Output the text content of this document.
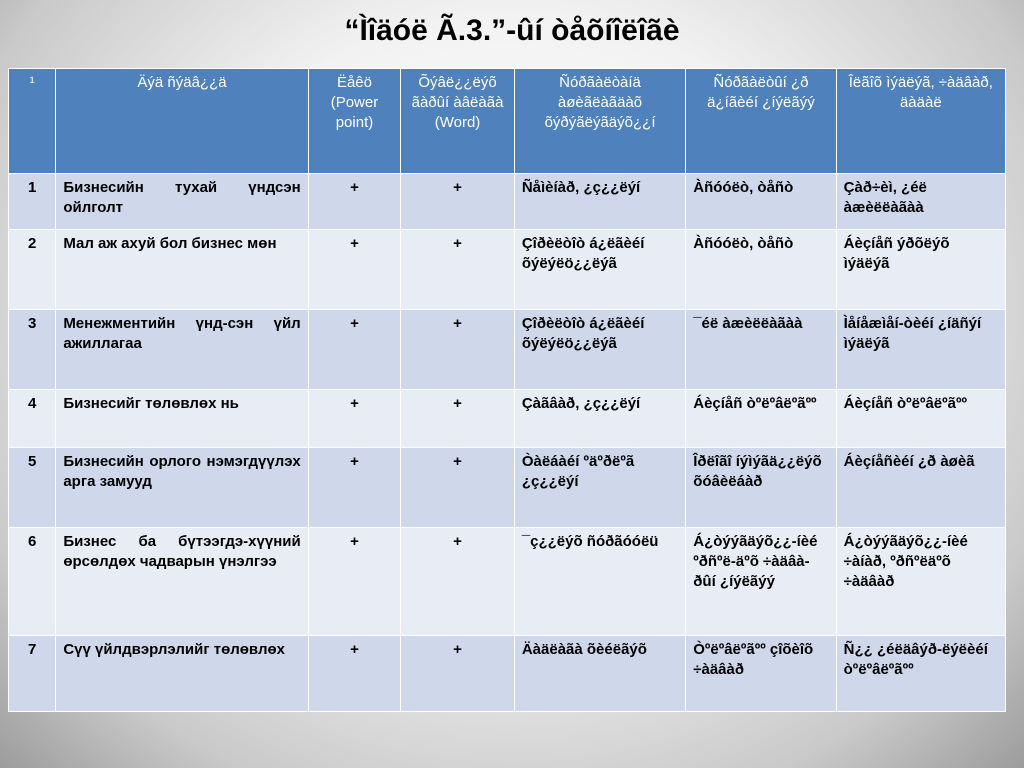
“Ìîäóë Ã.3.”-ûí òåõíîëîãè
¹	Äýä ñýäâ¿¿ä	Ëåêö (Power point)	Õýâë¿¿ëýõ ãàðûí àâëàãà (Word)	Ñóðãàëòàíä àøèãëàãäàõ õýðýãëýãäýõ¿¿í	Ñóðãàëòûí ¿ð ä¿íãèéí ¿íýëãýý	Îëãîõ ìýäëýã, ÷àäâàð, äàäàë
1	Бизнесийн тухай үндсэн ойлголт	+	+	Ñåìèíàð, ¿ç¿¿ëýí	Àñóóëò, òåñò	Çàð÷èì, ¿éë àæèëëàãàà
2	Мал аж ахуй бол бизнес мөн	+	+	Çîðèëòîò á¿ëãèéí õýëýëö¿¿ëýã	Àñóóëò, òåñò	Áèçíåñ ýðõëýõ ìýäëýã
3	Менежментийн үнд-сэн үйл ажиллагаа	+	+	Çîðèëòîò á¿ëãèéí õýëýëö¿¿ëýã	¯éë àæèëëàãàà	Ìåíåæìåí-òèéí ¿íäñýí ìýäëýã
4	Бизнесийг төлөвлөх нь	+	+	Çàãâàð, ¿ç¿¿ëýí	Áèçíåñ òºëºâëºãºº	Áèçíåñ òºëºâëºãºº
5	Бизнесийн орлого нэмэгдүүлэх арга замууд	+	+	Òàëáàéí ºäºðëºã ¿ç¿¿ëýí	Îðëîãî íýìýãä¿¿ëýõ õóâèëáàð	Áèçíåñèéí ¿ð àøèã
6	Бизнес ба бүтээгдэ-хүүний өрсөлдөх чадварын үнэлгээ	+	+	¯ç¿¿ëýõ ñóðãóóëü	Á¿òýýãäýõ¿¿-íèé ºðñºë-äºõ ÷àäâà-ðûí ¿íýëãýý	Á¿òýýãäýõ¿¿-íèé ÷àíàð, ºðñºëäºõ ÷àäâàð
7	Сүү үйлдвэрлэлийг төлөвлөх	+	+	Äàäëàãà õèéëãýõ	Òºëºâëºãºº çîõèîõ ÷àäâàð	Ñ¿¿ ¿éëäâýð-ëýëèéí òºëºâëºãºº
